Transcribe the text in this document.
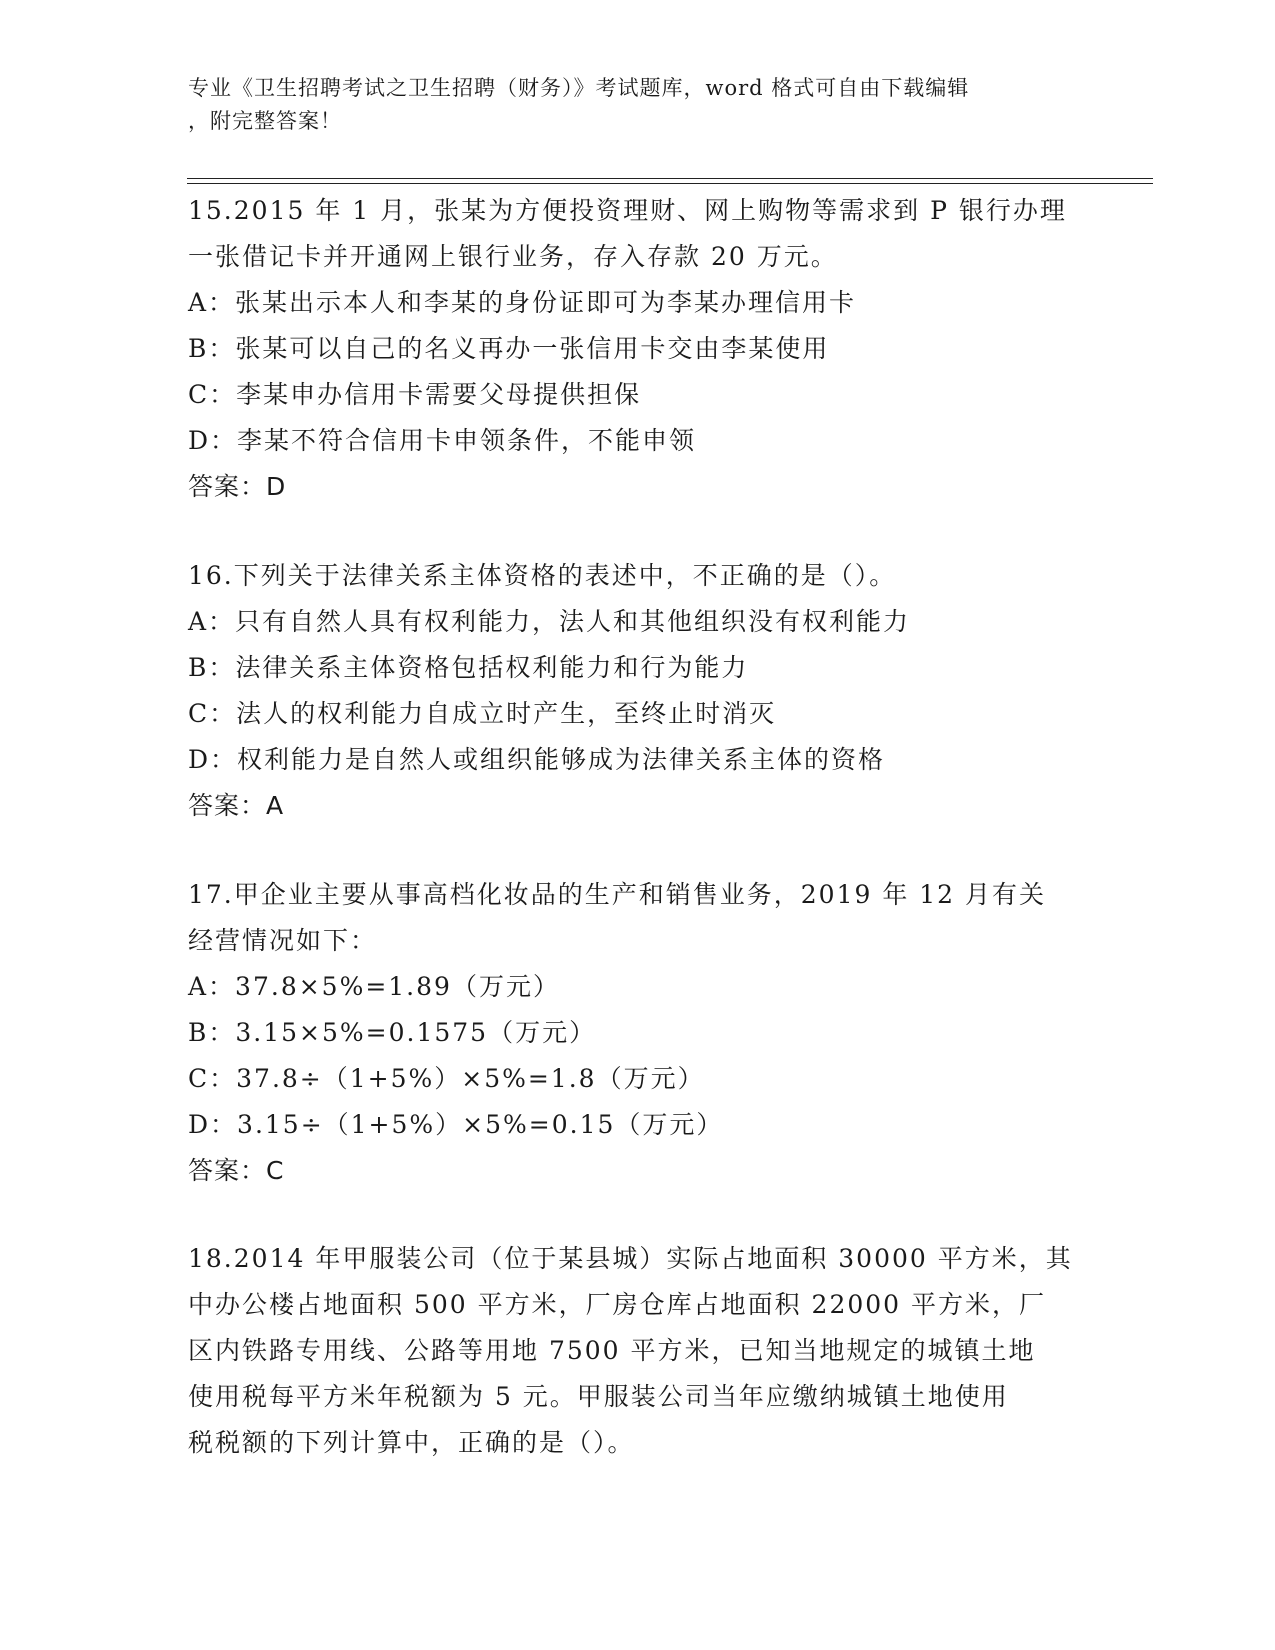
专业《卫生招聘考试之卫生招聘（财务）》考试题库，word 格式可自由下载编辑
，附完整答案！
15.2015 年 1 月，张某为方便投资理财、网上购物等需求到 P 银行办理
一张借记卡并开通网上银行业务，存入存款 20 万元。
A：张某出示本人和李某的身份证即可为李某办理信用卡
B：张某可以自己的名义再办一张信用卡交由李某使用
C：李某申办信用卡需要父母提供担保
D：李某不符合信用卡申领条件，不能申领
答案：D
16.下列关于法律关系主体资格的表述中，不正确的是（）。
A：只有自然人具有权利能力，法人和其他组织没有权利能力
B：法律关系主体资格包括权利能力和行为能力
C：法人的权利能力自成立时产生，至终止时消灭
D：权利能力是自然人或组织能够成为法律关系主体的资格
答案：A
17.甲企业主要从事高档化妆品的生产和销售业务，2019 年 12 月有关
经营情况如下：
A：37.8×5%=1.89（万元）
B：3.15×5%=0.1575（万元）
C：37.8÷（1+5%）×5%=1.8（万元）
D：3.15÷（1+5%）×5%=0.15（万元）
答案：C
18.2014 年甲服装公司（位于某县城）实际占地面积 30000 平方米，其
中办公楼占地面积 500 平方米，厂房仓库占地面积 22000 平方米，厂
区内铁路专用线、公路等用地 7500 平方米，已知当地规定的城镇土地
使用税每平方米年税额为 5 元。甲服装公司当年应缴纳城镇土地使用
税税额的下列计算中，正确的是（）。
